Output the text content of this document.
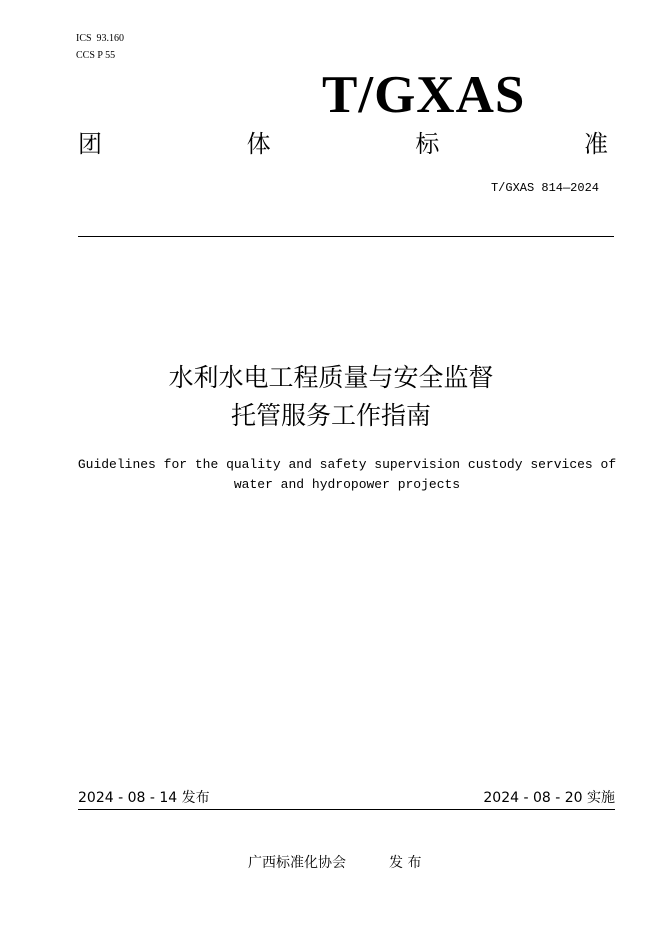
ICS  93.160
CCS P 55
T/GXAS
团	体	标	准
T/GXAS 814—2024
水利水电工程质量与安全监督
托管服务工作指南
Guidelines for the quality and safety supervision custody services of
water and hydropower projects
2024 - 08 - 14 发布	2024 - 08 - 20 实施
广西标准化协会	发 布
